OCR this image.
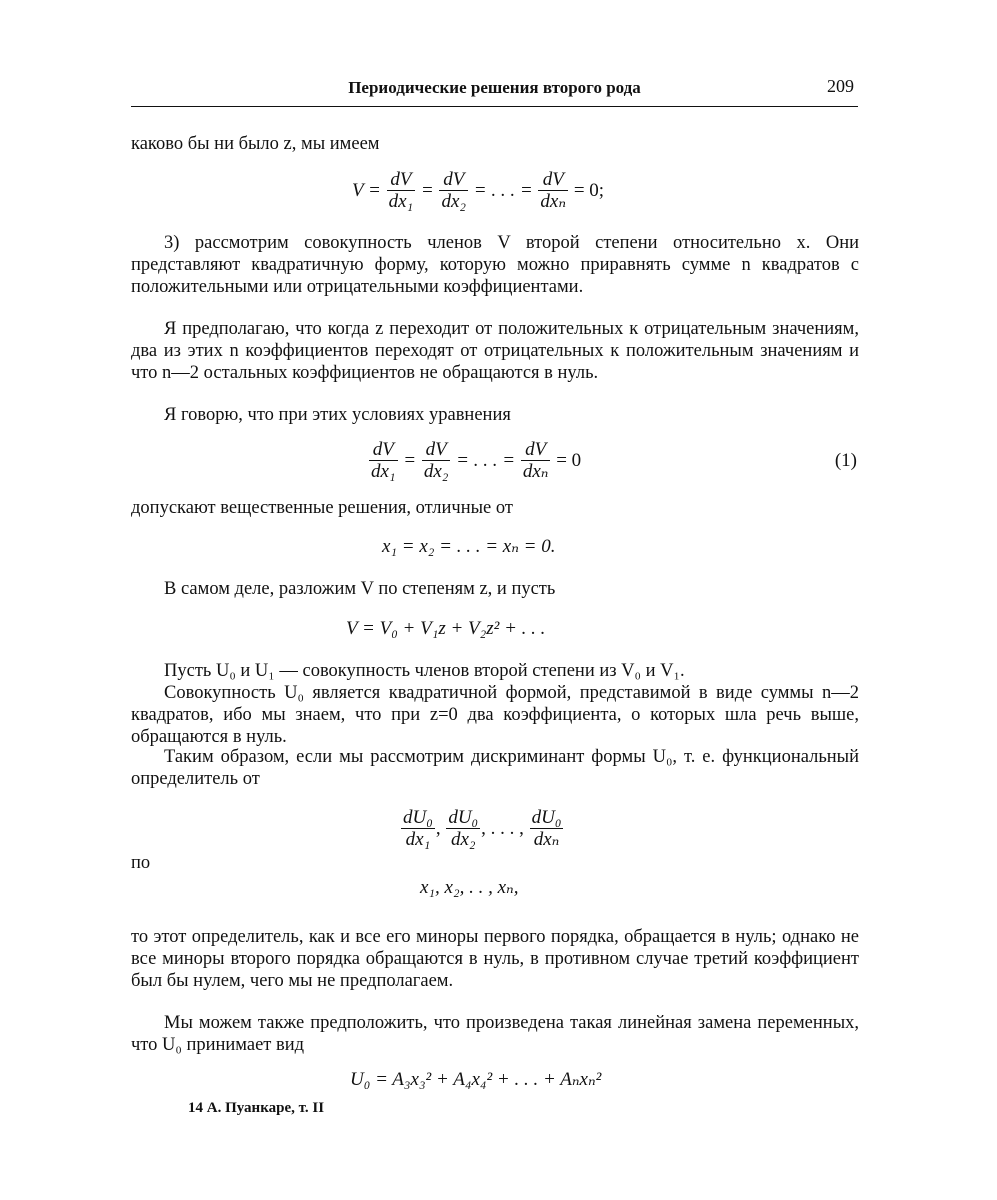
Периодические решения второго рода	209

каково бы ни было z, мы имеем

$V = \frac{dV}{\text{dx₁}} = \frac{dV}{\text{dx₂}}$ = . . . = $\frac{dV}{\text{dxₙ}} = 0$;

3) рассмотрим совокупность членов V второй степени относительно x. Они представляют квадратичную форму, которую можно приравнять сумме n квадратов с положительными или отрицательными коэффициентами.

Я предполагаю, что когда z переходит от положительных к отрицательным значениям, два из этих n коэффициентов переходят от отрицательных к положительным значениям и что n—2 остальных коэффициентов не обращаются в нуль.

Я говорю, что при этих условиях уравнения

$\frac{dV}{\text{dx₁}} = \frac{dV}{\text{dx₂}}$ = . . . = $\frac{dV}{\text{dxₙ}} = 0$	(1)

допускают вещественные решения, отличные от

x₁ = x₂ = . . . = xₙ = 0.

В самом деле, разложим V по степеням z, и пусть

V = V₀ + V₁z + V₂z² + . . .

Пусть U₀ и U₁ — совокупность членов второй степени из V₀ и V₁.

Совокупность U₀ является квадратичной формой, представимой в виде суммы n—2 квадратов, ибо мы знаем, что при z=0 два коэффициента, о которых шла речь выше, обращаются в нуль.

Таким образом, если мы рассмотрим дискриминант формы U₀, т. е. функциональный определитель от

$\frac{\text{dU₀}}{\text{dx₁}}$ , $\frac{\text{dU₀}}{\text{dx₂}}$ , . . . , $\frac{\text{dU₀}}{\text{dxₙ}}$
по
x₁, x₂, . . , xₙ,

то этот определитель, как и все его миноры первого порядка, обращается в нуль; однако не все миноры второго порядка обращаются в нуль, в противном случае третий коэффициент был бы нулем, чего мы не предполагаем.

Мы можем также предположить, что произведена такая линейная замена переменных, что U₀ принимает вид

U₀ = A₃x₃² + A₄x₄² + . . . + Aₙxₙ²
14 А. Пуанкаре, т. II
